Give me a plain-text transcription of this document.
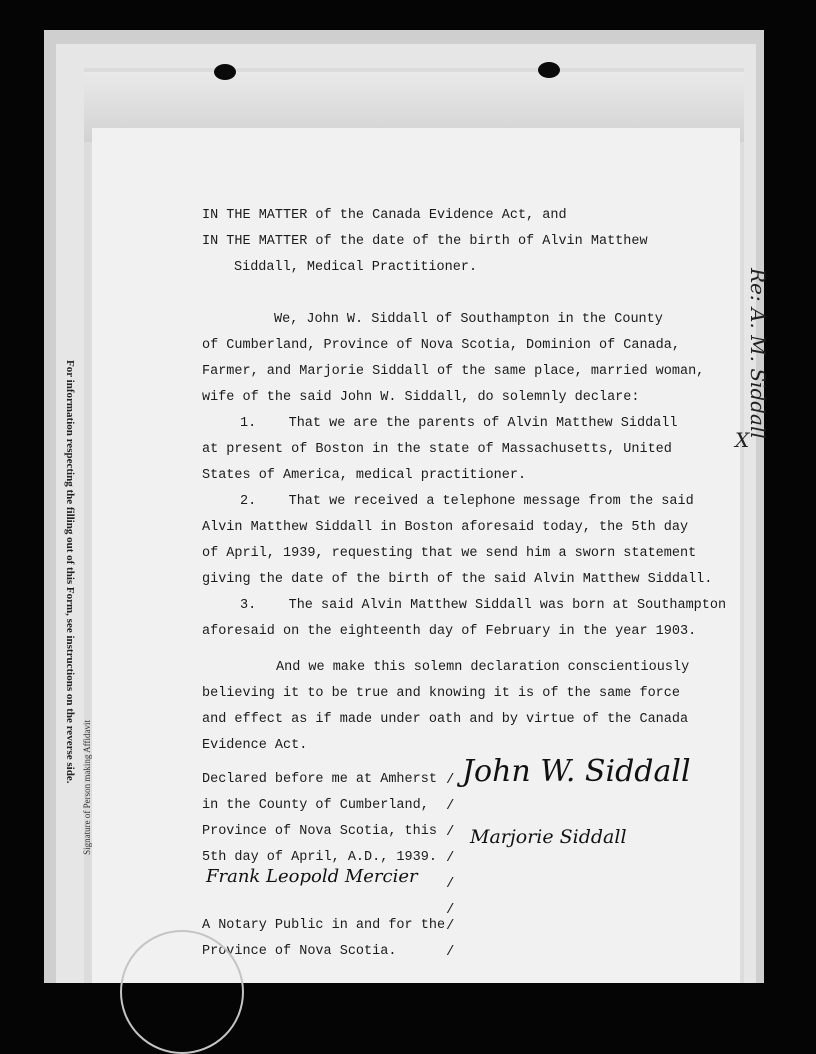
For information respecting the filling out of this Form, see instructions on the reverse side.
Signature of Person making Affidavit

IN THE MATTER of the Canada Evidence Act, and

IN THE MATTER of the date of the birth of Alvin Matthew

Siddall, Medical Practitioner.

We, John W. Siddall of Southampton in the County

of Cumberland, Province of Nova Scotia, Dominion of Canada,

Farmer, and Marjorie Siddall of the same place, married woman,

wife of the said John W. Siddall, do solemnly declare:

1.    That we are the parents of Alvin Matthew Siddall

at present of Boston in the state of Massachusetts, United

States of America, medical practitioner.

2.    That we received a telephone message from the said

Alvin Matthew Siddall in Boston aforesaid today, the 5th day

of April, 1939, requesting that we send him a sworn statement

giving the date of the birth of the said Alvin Matthew Siddall.

3.    The said Alvin Matthew Siddall was born at Southampton

aforesaid on the eighteenth day of February in the year 1903.

And we make this solemn declaration conscientiously

believing it to be true and knowing it is of the same force

and effect as if made under oath and by virtue of the Canada

Evidence Act.

Declared before me at Amherst

in the County of Cumberland,

Province of Nova Scotia, this

5th day of April, A.D., 1939.

A Notary Public in and for the

Province of Nova Scotia.

/
/
/
/
/
/
/
/
John W. Siddall
Marjorie Siddall
Frank Leopold Mercier
Re: A. M. Siddall
X
